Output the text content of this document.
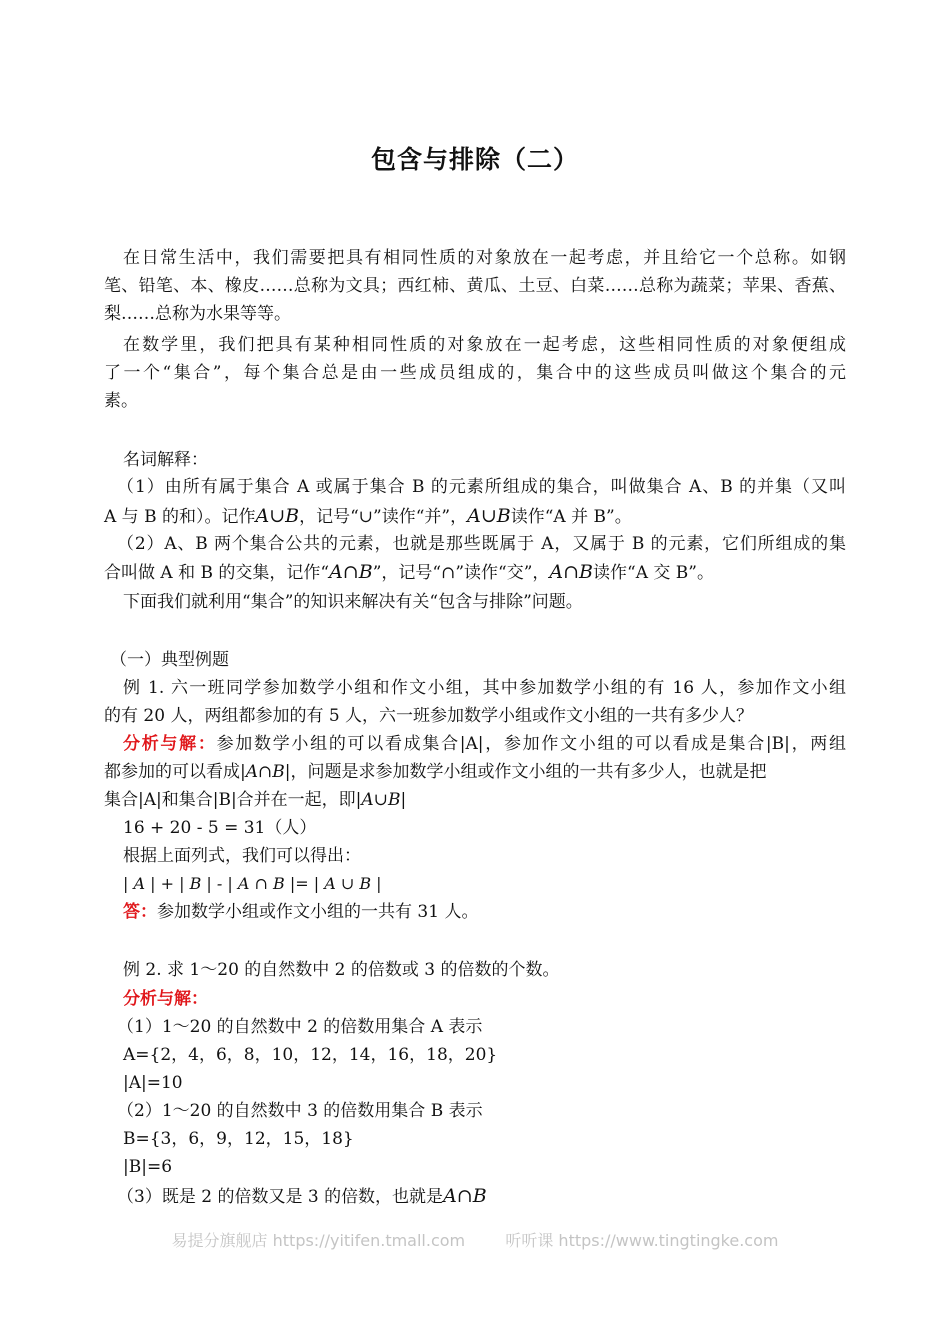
包含与排除（二）
在日常生活中，我们需要把具有相同性质的对象放在一起考虑，并且给它一个总称。如钢
笔、铅笔、本、橡皮……总称为文具；西红柿、黄瓜、土豆、白菜……总称为蔬菜；苹果、香蕉、
梨……总称为水果等等。
在数学里，我们把具有某种相同性质的对象放在一起考虑，这些相同性质的对象便组成
了一个“集合”，每个集合总是由一些成员组成的，集合中的这些成员叫做这个集合的元
素。
名词解释：
（1）由所有属于集合 A 或属于集合 B 的元素所组成的集合，叫做集合 A、B 的并集（又叫
A 与 B 的和）。记作A∪B，记号“∪”读作“并”，A∪B读作“A 并 B”。
（2）A、B 两个集合公共的元素，也就是那些既属于 A，又属于 B 的元素，它们所组成的集
合叫做 A 和 B 的交集，记作“A∩B”，记号“∩”读作“交”，A∩B读作“A 交 B”。
下面我们就利用“集合”的知识来解决有关“包含与排除”问题。
（一）典型例题
例 1. 六一班同学参加数学小组和作文小组，其中参加数学小组的有 16 人，参加作文小组
的有 20 人，两组都参加的有 5 人，六一班参加数学小组或作文小组的一共有多少人？
分析与解：参加数学小组的可以看成集合|A|，参加作文小组的可以看成是集合|B|，两组
都参加的可以看成|A∩B|，问题是求参加数学小组或作文小组的一共有多少人，也就是把
集合|A|和集合|B|合并在一起，即|A∪B|
16 + 20 - 5 = 31（人）
根据上面列式，我们可以得出：
| A | + | B | - | A ∩ B |= | A ∪ B |
答：参加数学小组或作文小组的一共有 31 人。
例 2. 求 1～20 的自然数中 2 的倍数或 3 的倍数的个数。
分析与解：
（1）1～20 的自然数中 2 的倍数用集合 A 表示
A={2，4，6，8，10，12，14，16，18，20}
|A|=10
（2）1～20 的自然数中 3 的倍数用集合 B 表示
B={3，6，9，12，15，18}
|B|=6
（3）既是 2 的倍数又是 3 的倍数，也就是A∩B
易提分旗舰店 https://yitifen.tmall.com	听听课 https://www.tingtingke.com
